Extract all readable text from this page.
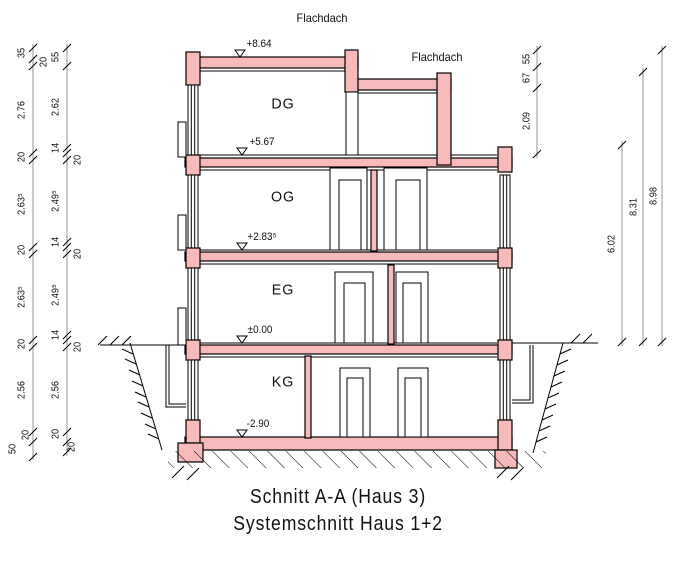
Flachdach
Flachdach
DG
OG
EG
KG
+8.64
+5.67
+2.83⁵
±0.00
-2.90
35
20
2.76
20
2.63⁵
20
2.63⁵
20
2.56
20
50
55
2.62
14
20
2.49⁵
14
20
2.49⁵
14
20
2.56
20
20
55
67
2.09
6.02
8.31
8.98
Schnitt A-A (Haus 3)
Systemschnitt Haus 1+2
